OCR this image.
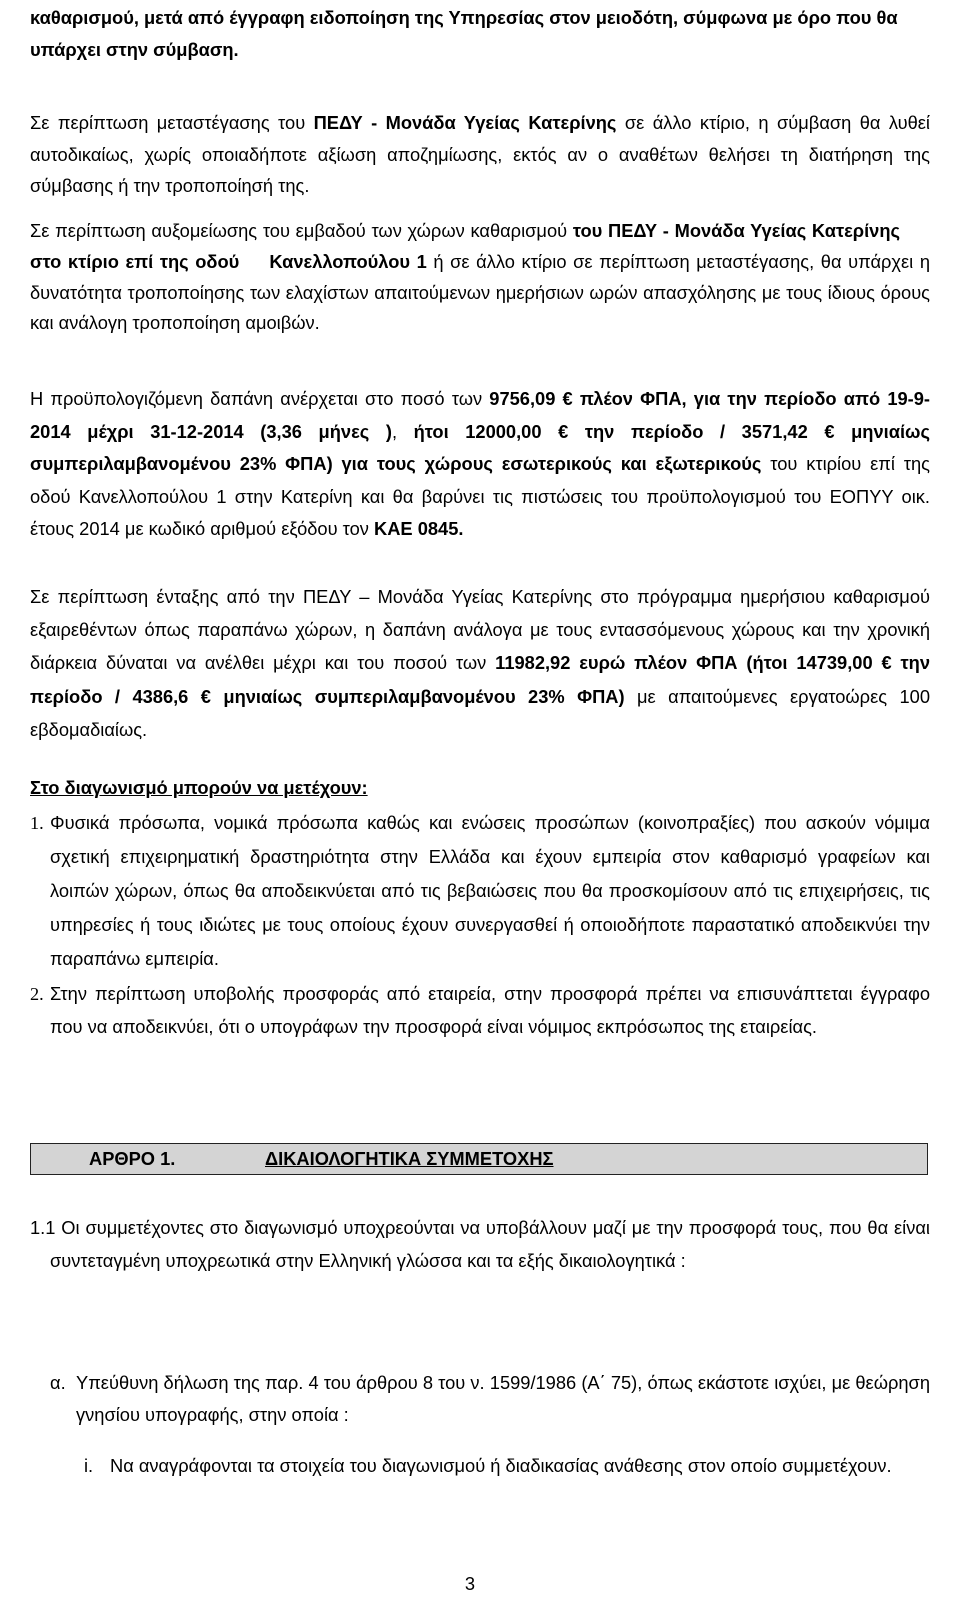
καθαρισμού, μετά από έγγραφη ειδοποίηση της Υπηρεσίας στον μειοδότη, σύμφωνα με όρο που θα υπάρχει στην σύμβαση.

Σε περίπτωση μεταστέγασης του ΠΕΔΥ - Μονάδα Υγείας Κατερίνης σε άλλο κτίριο, η σύμβαση θα λυθεί αυτοδικαίως, χωρίς οποιαδήποτε αξίωση αποζημίωσης, εκτός αν ο αναθέτων θελήσει τη διατήρηση της σύμβασης ή την τροποποίησή της.

Σε περίπτωση αυξομείωσης του εμβαδού των χώρων καθαρισμού του ΠΕΔΥ - Μονάδα Υγείας Κατερίνηςστο κτίριο επί της οδού Κανελλοπούλου 1 ή σε άλλο κτίριο σε περίπτωση μεταστέγασης, θα υπάρχει η δυνατότητα τροποποίησης των ελαχίστων απαιτούμενων ημερήσιων ωρών απασχόλησης με τους ίδιους όρους και ανάλογη τροποποίηση αμοιβών.

Η προϋπολογιζόμενη δαπάνη ανέρχεται στο ποσό των 9756,09 € πλέον ΦΠΑ, για την περίοδο από 19-9-2014 μέχρι 31-12-2014 (3,36 μήνες ), ήτοι 12000,00 € την περίοδο / 3571,42 € μηνιαίως συμπεριλαμβανομένου 23% ΦΠΑ) για τους χώρους εσωτερικούς και εξωτερικούς του κτιρίου επί της οδού Κανελλοπούλου 1 στην Κατερίνη και θα βαρύνει τις πιστώσεις του προϋπολογισμού του ΕΟΠΥΥ οικ. έτους 2014 με κωδικό αριθμού εξόδου τον ΚΑΕ 0845.

Σε περίπτωση ένταξης από την ΠΕΔΥ – Μονάδα Υγείας Κατερίνης στο πρόγραμμα ημερήσιου καθαρισμού εξαιρεθέντων όπως παραπάνω χώρων, η δαπάνη ανάλογα με τους εντασσόμενους χώρους και την χρονική διάρκεια δύναται να ανέλθει μέχρι και του ποσού των 11982,92 ευρώ πλέον ΦΠΑ (ήτοι 14739,00 € την περίοδο / 4386,6 € μηνιαίως συμπεριλαμβανομένου 23% ΦΠΑ) με απαιτούμενες εργατοώρες 100 εβδομαδιαίως.

Στο διαγωνισμό μπορούν να μετέχουν:

1. Φυσικά πρόσωπα, νομικά πρόσωπα καθώς και ενώσεις προσώπων (κοινοπραξίες) που ασκούν νόμιμα σχετική επιχειρηματική δραστηριότητα στην Ελλάδα και έχουν εμπειρία στον καθαρισμό γραφείων και λοιπών χώρων, όπως θα αποδεικνύεται από τις βεβαιώσεις που θα προσκομίσουν από τις επιχειρήσεις, τις υπηρεσίες ή τους ιδιώτες με τους οποίους έχουν συνεργασθεί ή οποιοδήποτε παραστατικό αποδεικνύει την παραπάνω εμπειρία.
2. Στην περίπτωση υποβολής προσφοράς από εταιρεία, στην προσφορά πρέπει να επισυνάπτεται έγγραφο που να αποδεικνύει, ότι ο υπογράφων την προσφορά είναι νόμιμος εκπρόσωπος της εταιρείας.
ΑΡΘΡΟ 1.	ΔΙΚΑΙΟΛΟΓΗΤΙΚΑ ΣΥΜΜΕΤΟΧΗΣ
1.1 Οι συμμετέχοντες στο διαγωνισμό υποχρεούνται να υποβάλλουν μαζί με την προσφορά τους, που θα είναι συντεταγμένη υποχρεωτικά στην Ελληνική γλώσσα και τα εξής δικαιολογητικά :
α. Υπεύθυνη δήλωση της παρ. 4 του άρθρου 8 του ν. 1599/1986 (Α΄ 75), όπως εκάστοτε ισχύει, με θεώρηση γνησίου υπογραφής, στην οποία :
i. Να αναγράφονται τα στοιχεία του διαγωνισμού ή διαδικασίας ανάθεσης στον οποίο συμμετέχουν.
3
